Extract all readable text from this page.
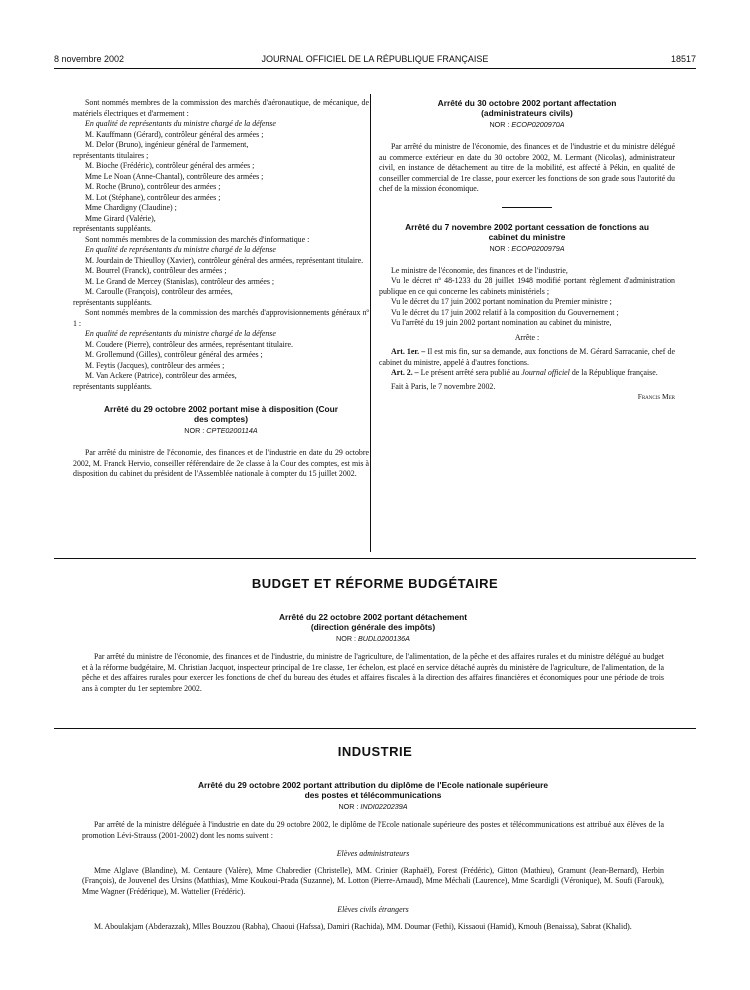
8 novembre 2002	JOURNAL OFFICIEL DE LA RÉPUBLIQUE FRANÇAISE	18517

Sont nommés membres de la commission des marchés d'aéronautique, de mécanique, de matériels électriques et d'armement :

En qualité de représentants du ministre chargé de la défense

M. Kauffmann (Gérard), contrôleur général des armées ;

M. Delor (Bruno), ingénieur général de l'armement,

représentants titulaires ;

M. Bioche (Frédéric), contrôleur général des armées ;

Mme Le Noan (Anne-Chantal), contrôleure des armées ;

M. Roche (Bruno), contrôleur des armées ;

M. Lot (Stéphane), contrôleur des armées ;

Mme Chardigny (Claudine) ;

Mme Girard (Valérie),

représentants suppléants.

Sont nommés membres de la commission des marchés d'informatique :

En qualité de représentants du ministre chargé de la défense

M. Jourdain de Thieulloy (Xavier), contrôleur général des armées, représentant titulaire.

M. Bourrel (Franck), contrôleur des armées ;

M. Le Grand de Mercey (Stanislas), contrôleur des armées ;

M. Caroulle (François), contrôleur des armées,

représentants suppléants.

Sont nommés membres de la commission des marchés d'approvisionnements généraux nº 1 :

En qualité de représentants du ministre chargé de la défense

M. Coudere (Pierre), contrôleur des armées, représentant titulaire.

M. Grollemund (Gilles), contrôleur général des armées ;

M. Feytis (Jacques), contrôleur des armées ;

M. Van Ackere (Patrice), contrôleur des armées,

représentants suppléants.

Arrêté du 29 octobre 2002 portant mise à disposition (Cour des comptes)
NOR : CPTE0200114A

Par arrêté du ministre de l'économie, des finances et de l'industrie en date du 29 octobre 2002, M. Franck Hervio, conseiller référendaire de 2e classe à la Cour des comptes, est mis à disposition du cabinet du président de l'Assemblée nationale à compter du 15 juillet 2002.

Arrêté du 30 octobre 2002 portant affectation (administrateurs civils)
NOR : ECOP0200970A

Par arrêté du ministre de l'économie, des finances et de l'industrie et du ministre délégué au commerce extérieur en date du 30 octobre 2002, M. Lermant (Nicolas), administrateur civil, en instance de détachement au titre de la mobilité, est affecté à Pékin, en qualité de conseiller commercial de 1re classe, pour exercer les fonctions de son grade sous l'autorité du chef de la mission économique.

Arrêté du 7 novembre 2002 portant cessation de fonctions au cabinet du ministre
NOR : ECOP0200979A

Le ministre de l'économie, des finances et de l'industrie,

Vu le décret nº 48-1233 du 28 juillet 1948 modifié portant règlement d'administration publique en ce qui concerne les cabinets ministériels ;

Vu le décret du 17 juin 2002 portant nomination du Premier ministre ;

Vu le décret du 17 juin 2002 relatif à la composition du Gouvernement ;

Vu l'arrêté du 19 juin 2002 portant nomination au cabinet du ministre,

Arrête :

Art. 1er. – Il est mis fin, sur sa demande, aux fonctions de M. Gérard Sarracanie, chef de cabinet du ministre, appelé à d'autres fonctions.

Art. 2. – Le présent arrêté sera publié au Journal officiel de la République française.

Fait à Paris, le 7 novembre 2002.

Francis Mer

BUDGET ET RÉFORME BUDGÉTAIRE
Arrêté du 22 octobre 2002 portant détachement
(direction générale des impôts)
NOR : BUDL0200136A

Par arrêté du ministre de l'économie, des finances et de l'industrie, du ministre de l'agriculture, de l'alimentation, de la pêche et des affaires rurales et du ministre délégué au budget et à la réforme budgétaire, M. Christian Jacquot, inspecteur principal de 1re classe, 1er échelon, est placé en service détaché auprès du ministère de l'agriculture, de l'alimentation, de la pêche et des affaires rurales pour exercer les fonctions de chef du bureau des études et affaires fiscales à la direction des affaires financières et économiques pour une période de trois ans à compter du 1er septembre 2002.

INDUSTRIE
Arrêté du 29 octobre 2002 portant attribution du diplôme de l'Ecole nationale supérieure
des postes et télécommunications
NOR : INDI0220239A

Par arrêté de la ministre déléguée à l'industrie en date du 29 octobre 2002, le diplôme de l'Ecole nationale supérieure des postes et télécommunications est attribué aux élèves de la promotion Lévi-Strauss (2001-2002) dont les noms suivent :

Elèves administrateurs

Mme Alglave (Blandine), M. Centaure (Valère), Mme Chabredier (Christelle), MM. Crinier (Raphaël), Forest (Frédéric), Gitton (Mathieu), Gramunt (Jean-Bernard), Herbin (François), de Jouvenel des Ursins (Matthias), Mme Koukoui-Prada (Suzanne), M. Lotton (Pierre-Arnaud), Mme Méchali (Laurence), Mme Scardigli (Véronique), M. Soufi (Farouk), Mme Wagner (Frédérique), M. Wattelier (Frédéric).

Elèves civils étrangers

M. Aboulakjam (Abderazzak), Mlles Bouzzou (Rabha), Chaoui (Hafssa), Damiri (Rachida), MM. Doumar (Fethi), Kissaoui (Hamid), Kmouh (Benaissa), Sabrat (Khalid).
